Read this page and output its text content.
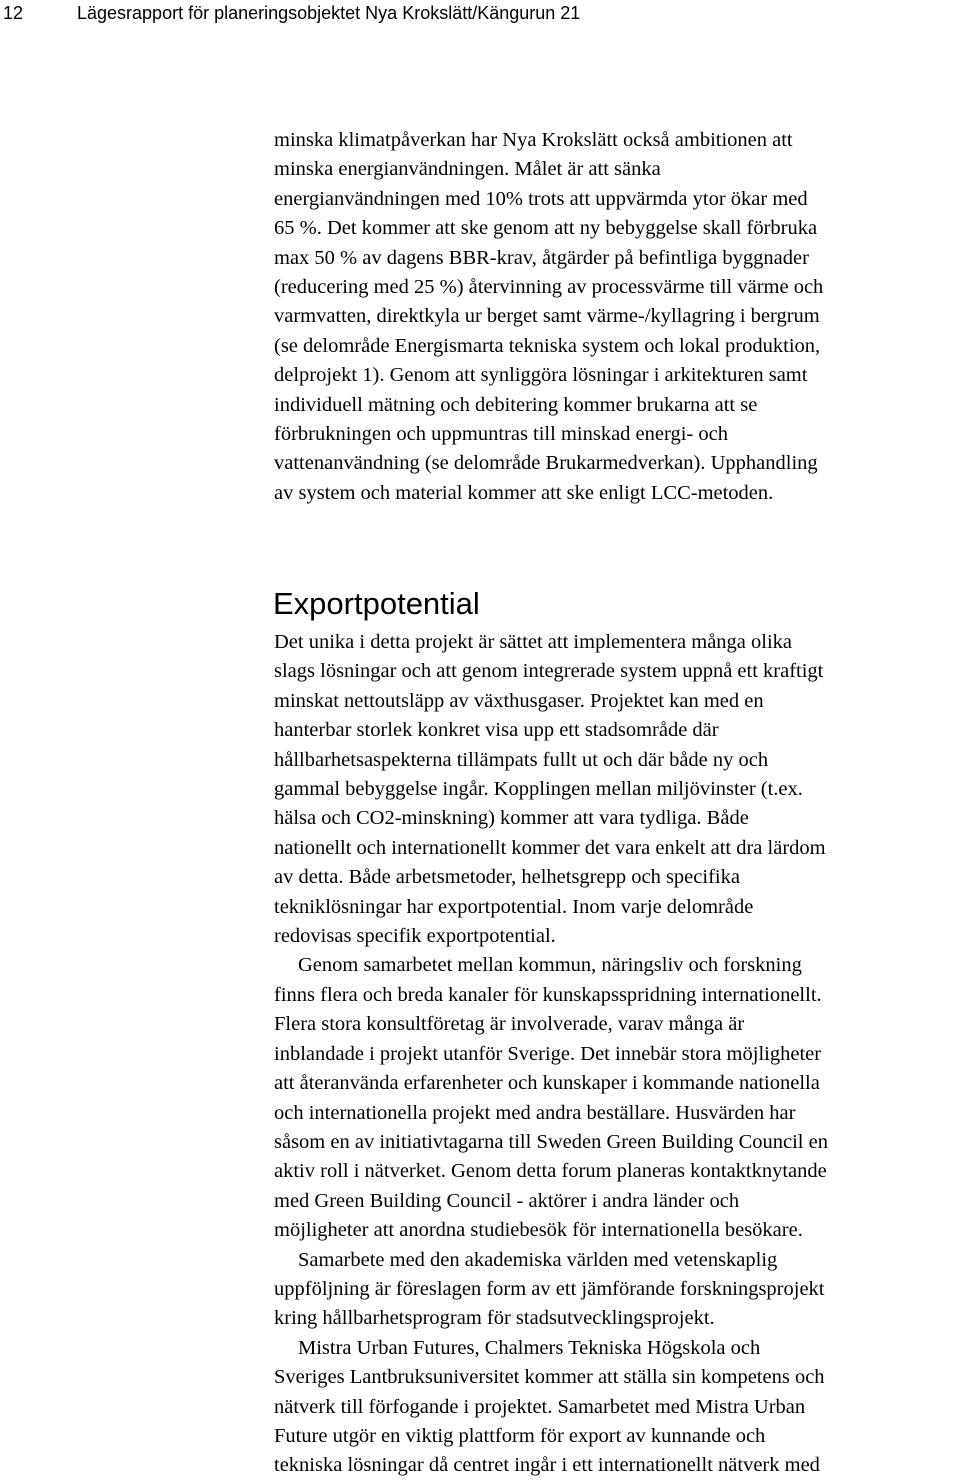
12	Lägesrapport för planeringsobjektet Nya Krokslätt/Kängurun 21

minska klimatpåverkan har Nya Krokslätt också ambitionen att

minska energianvändningen. Målet är att sänka

energianvändningen med 10% trots att uppvärmda ytor ökar med

65 %. Det kommer att ske genom att ny bebyggelse skall förbruka

max 50 % av dagens BBR-krav, åtgärder på befintliga byggnader

(reducering med 25 %) återvinning av processvärme till värme och

varmvatten, direktkyla ur berget samt värme-/kyllagring i bergrum

(se delområde Energismarta tekniska system och lokal produktion,

delprojekt 1). Genom att synliggöra lösningar i arkitekturen samt

individuell mätning och debitering kommer brukarna att se

förbrukningen och uppmuntras till minskad energi- och

vattenanvändning (se delområde Brukarmedverkan). Upphandling

av system och material kommer att ske enligt LCC-metoden.

Exportpotential
Det unika i detta projekt är sättet att implementera många olika
slags lösningar och att genom integrerade system uppnå ett kraftigt
minskat nettoutsläpp av växthusgaser. Projektet kan med en
hanterbar storlek konkret visa upp ett stadsområde där
hållbarhetsaspekterna tillämpats fullt ut och där både ny och
gammal bebyggelse ingår. Kopplingen mellan miljövinster (t.ex.
hälsa och CO2-minskning) kommer att vara tydliga. Både
nationellt och internationellt kommer det vara enkelt att dra lärdom
av detta. Både arbetsmetoder, helhetsgrepp och specifika
tekniklösningar har exportpotential. Inom varje delområde
redovisas specifik exportpotential.
Genom samarbetet mellan kommun, näringsliv och forskning
finns flera och breda kanaler för kunskapsspridning internationellt.
Flera stora konsultföretag är involverade, varav många är
inblandade i projekt utanför Sverige. Det innebär stora möjligheter
att återanvända erfarenheter och kunskaper i kommande nationella
och internationella projekt med andra beställare. Husvärden har
såsom en av initiativtagarna till Sweden Green Building Council en
aktiv roll i nätverket. Genom detta forum planeras kontaktknytande
med Green Building Council - aktörer i andra länder och
möjligheter att anordna studiebesök för internationella besökare.
Samarbete med den akademiska världen med vetenskaplig
uppföljning är föreslagen form av ett jämförande forskningsprojekt
kring hållbarhetsprogram för stadsutvecklingsprojekt.
Mistra Urban Futures, Chalmers Tekniska Högskola och
Sveriges Lantbruksuniversitet kommer att ställa sin kompetens och
nätverk till förfogande i projektet. Samarbetet med Mistra Urban
Future utgör en viktig plattform för export av kunnande och
tekniska lösningar då centret ingår i ett internationellt nätverk med
